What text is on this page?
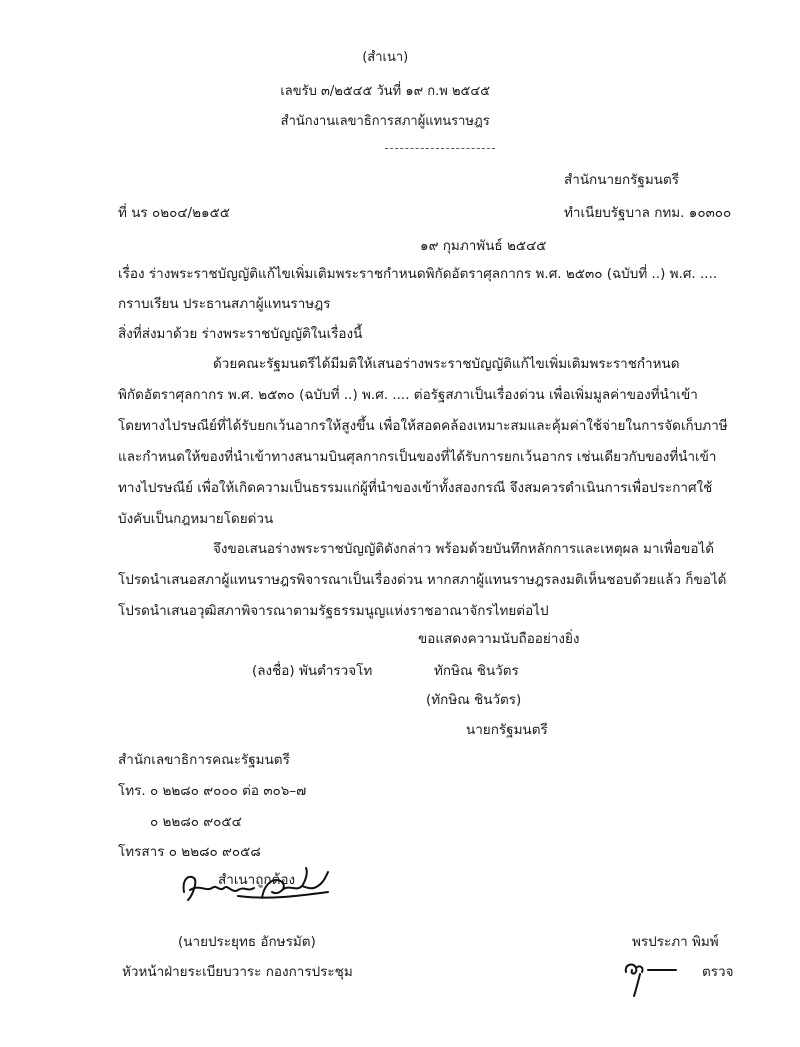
(สำเนา)
เลขรับ ๓/๒๕๔๕ วันที่ ๑๙ ก.พ ๒๕๔๕
สำนักงานเลขาธิการสภาผู้แทนราษฎร
สำนักนายกรัฐมนตรี
ที่ นร ๐๒๐๔/๒๑๕๕	ทำเนียบรัฐบาล กทม. ๑๐๓๐๐
๑๙ กุมภาพันธ์ ๒๕๔๕
เรื่อง ร่างพระราชบัญญัติแก้ไขเพิ่มเติมพระราชกำหนดพิกัดอัตราศุลกากร พ.ศ. ๒๕๓๐ (ฉบับที่ ..) พ.ศ. ....
กราบเรียน ประธานสภาผู้แทนราษฎร
สิ่งที่ส่งมาด้วย ร่างพระราชบัญญัติในเรื่องนี้
ด้วยคณะรัฐมนตรีได้มีมติให้เสนอร่างพระราชบัญญัติแก้ไขเพิ่มเติมพระราชกำหนด
พิกัดอัตราศุลกากร พ.ศ. ๒๕๓๐ (ฉบับที่ ..) พ.ศ. .... ต่อรัฐสภาเป็นเรื่องด่วน เพื่อเพิ่มมูลค่าของที่นำเข้า
โดยทางไปรษณีย์ที่ได้รับยกเว้นอากรให้สูงขึ้น เพื่อให้สอดคล้องเหมาะสมและคุ้มค่าใช้จ่ายในการจัดเก็บภาษี
และกำหนดให้ของที่นำเข้าทางสนามบินศุลกากรเป็นของที่ได้รับการยกเว้นอากร เช่นเดียวกับของที่นำเข้า
ทางไปรษณีย์ เพื่อให้เกิดความเป็นธรรมแก่ผู้ที่นำของเข้าทั้งสองกรณี จึงสมควรดำเนินการเพื่อประกาศใช้
บังคับเป็นกฎหมายโดยด่วน
จึงขอเสนอร่างพระราชบัญญัติดังกล่าว พร้อมด้วยบันทึกหลักการและเหตุผล มาเพื่อขอได้
โปรดนำเสนอสภาผู้แทนราษฎรพิจารณาเป็นเรื่องด่วน หากสภาผู้แทนราษฎรลงมติเห็นชอบด้วยแล้ว ก็ขอได้
โปรดนำเสนอวุฒิสภาพิจารณาตามรัฐธรรมนูญแห่งราชอาณาจักรไทยต่อไป
ขอแสดงความนับถืออย่างยิ่ง
(ลงชื่อ) พันตำรวจโท	ทักษิณ ชินวัตร
(ทักษิณ ชินวัตร)
นายกรัฐมนตรี
สำนักเลขาธิการคณะรัฐมนตรี
โทร. ๐ ๒๒๘๐ ๙๐๐๐ ต่อ ๓๐๖–๗
๐ ๒๒๘๐ ๙๐๕๔
โทรสาร ๐ ๒๒๘๐ ๙๐๕๘
สำเนาถูกต้อง
(นายประยุทธ อักษรมัต)
หัวหน้าฝ่ายระเบียบวาระ กองการประชุม
พรประภา พิมพ์
ตรวจ
